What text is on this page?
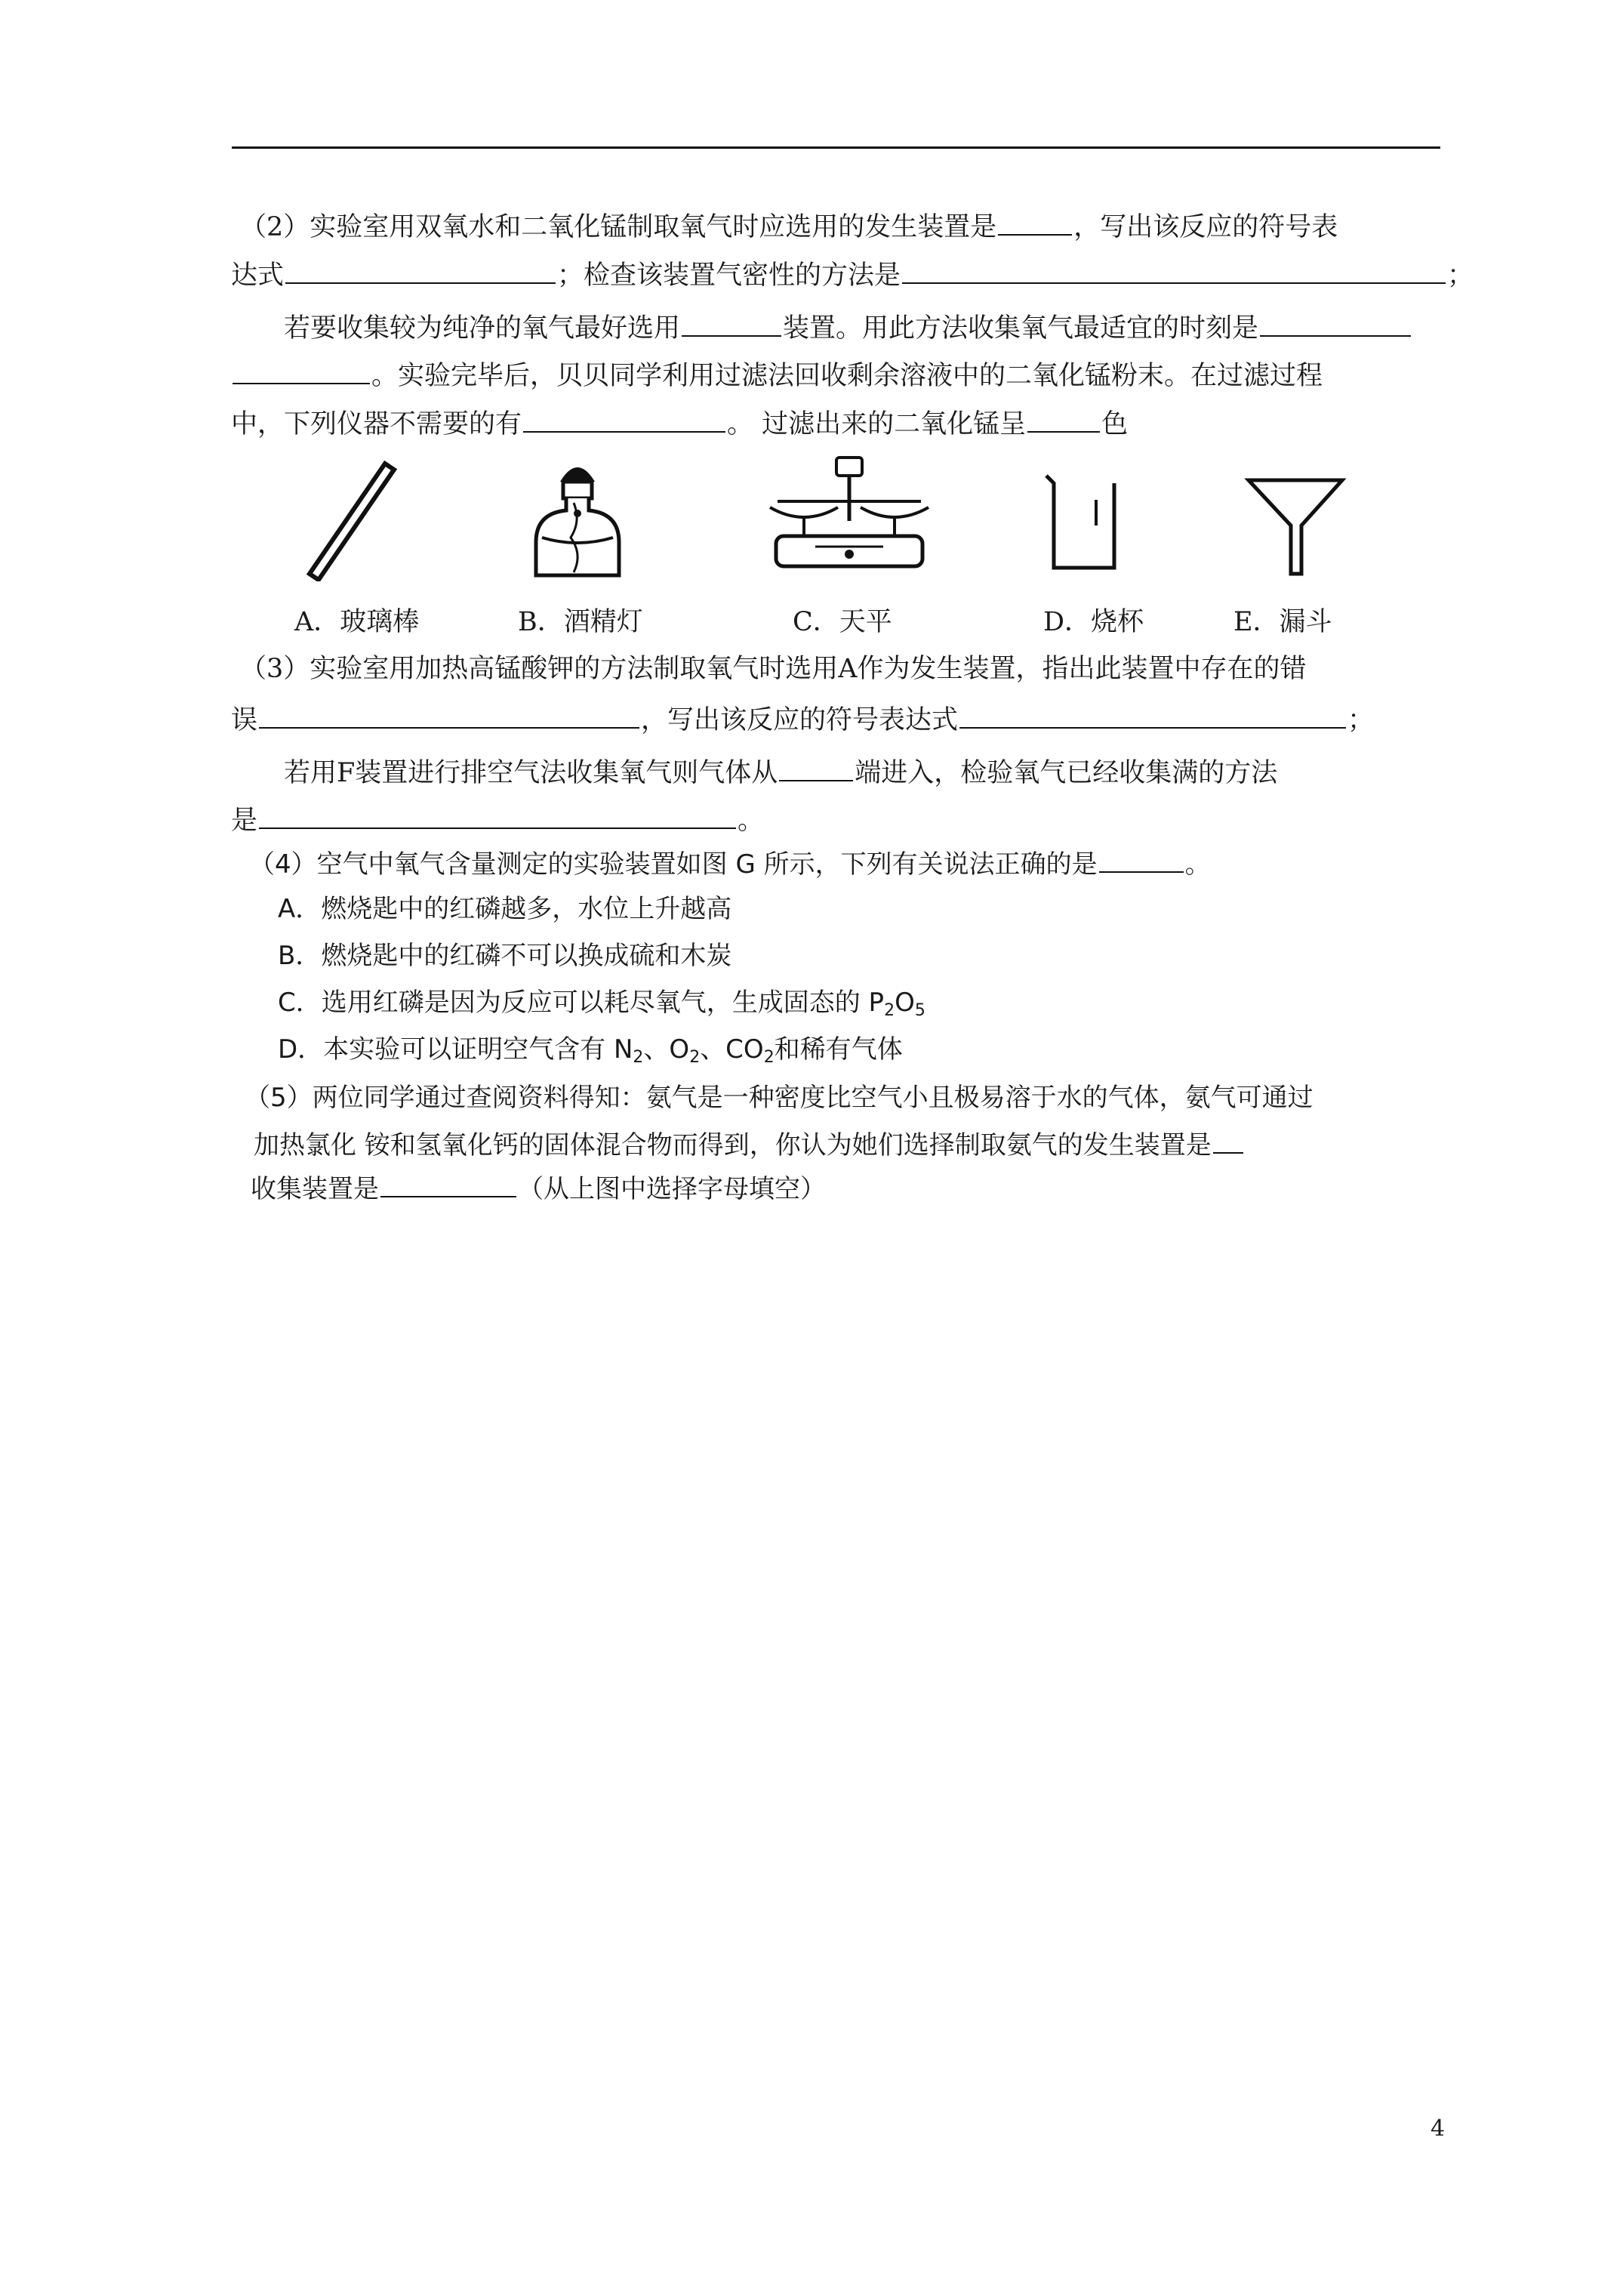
（2）实验室用双氧水和二氧化锰制取氧气时应选用的发生装置是	，写出该反应的符号表
达式	；检查该装置气密性的方法是	；
若要收集较为纯净的氧气最好选用	装置。用此方法收集氧气最适宜的时刻是
。实验完毕后，贝贝同学利用过滤法回收剩余溶液中的二氧化锰粉末。在过滤过程
中，下列仪器不需要的有	。 过滤出来的二氧化锰呈	色
A．玻璃棒	B．酒精灯	C．天平	D．烧杯	E．漏斗
（3）实验室用加热高锰酸钾的方法制取氧气时选用A作为发生装置，指出此装置中存在的错
误	，写出该反应的符号表达式	；
若用F装置进行排空气法收集氧气则气体从	端进入，检验氧气已经收集满的方法
是	。
（4）空气中氧气含量测定的实验装置如图 G 所示，下列有关说法正确的是	。
A．燃烧匙中的红磷越多，水位上升越高
B．燃烧匙中的红磷不可以换成硫和木炭
C．选用红磷是因为反应可以耗尽氧气，生成固态的 $P_2O_5$
D．本实验可以证明空气含有 $N_2$、$O_2$、$CO_2$和稀有气体
（5）两位同学通过查阅资料得知：氨气是一种密度比空气小且极易溶于水的气体，氨气可通过
加热氯化 铵和氢氧化钙的固体混合物而得到，你认为她们选择制取氨气的发生装置是
收集装置是	（从上图中选择字母填空）
4
